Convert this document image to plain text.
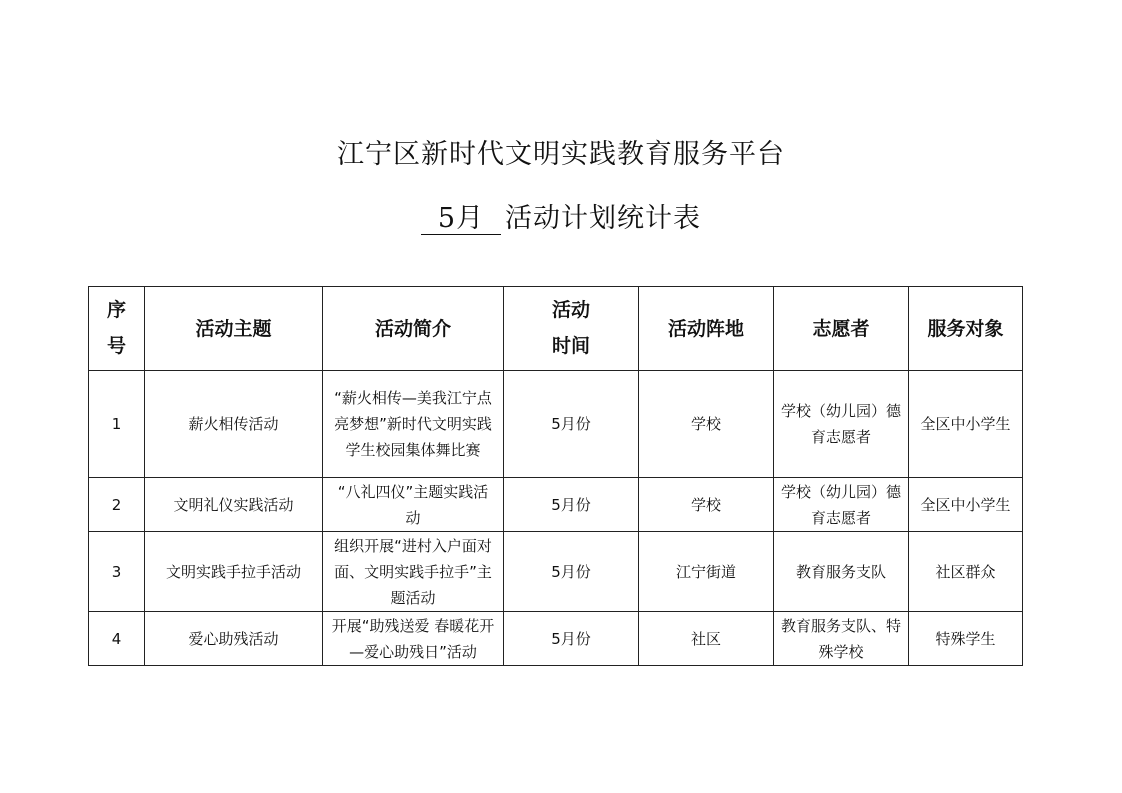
江宁区新时代文明实践教育服务平台
5月 活动计划统计表
序号	活动主题	活动简介	活动时间	活动阵地	志愿者	服务对象
1	薪火相传活动	“薪火相传—美我江宁点亮梦想”新时代文明实践学生校园集体舞比赛	5月份	学校	学校（幼儿园）德育志愿者	全区中小学生
2	文明礼仪实践活动	“八礼四仪”主题实践活动	5月份	学校	学校（幼儿园）德育志愿者	全区中小学生
3	文明实践手拉手活动	组织开展“进村入户面对面、文明实践手拉手”主题活动	5月份	江宁街道	教育服务支队	社区群众
4	爱心助残活动	开展“助残送爱 春暖花开—爱心助残日”活动	5月份	社区	教育服务支队、特殊学校	特殊学生
